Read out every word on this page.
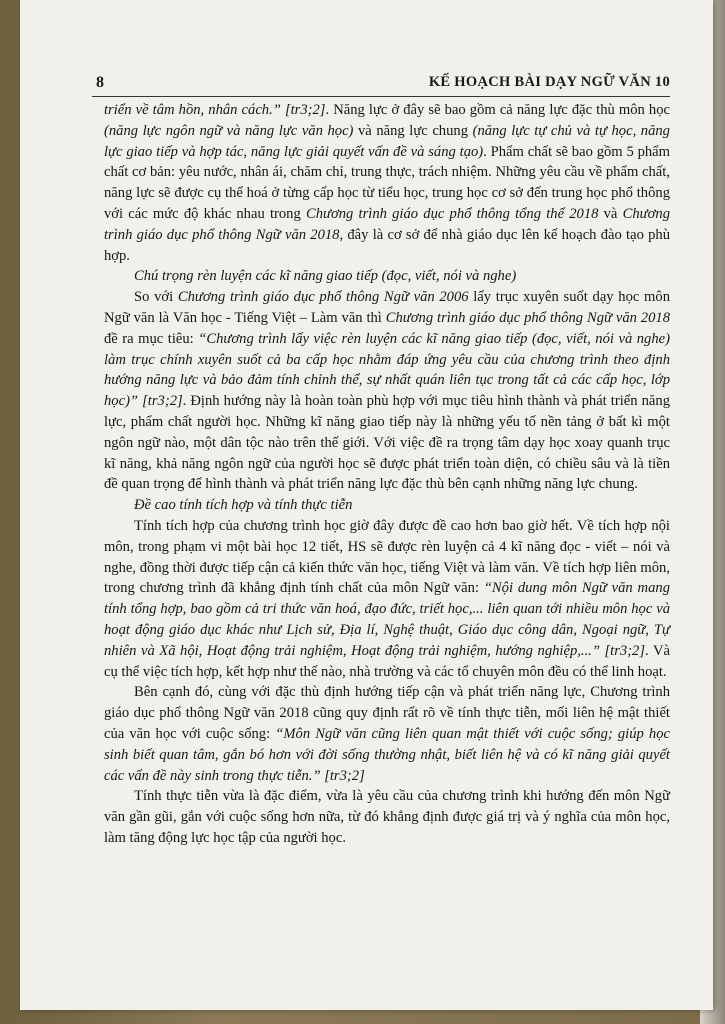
8	KẾ HOẠCH BÀI DẠY NGỮ VĂN 10

triển về tâm hồn, nhân cách.” [tr3;2]. Năng lực ở đây sẽ bao gồm cả năng lực đặc thù môn học (năng lực ngôn ngữ và năng lực văn học) và năng lực chung (năng lực tự chủ và tự học, năng lực giao tiếp và hợp tác, năng lực giải quyết vấn đề và sáng tạo). Phẩm chất sẽ bao gồm 5 phẩm chất cơ bản: yêu nước, nhân ái, chăm chỉ, trung thực, trách nhiệm. Những yêu cầu về phẩm chất, năng lực sẽ được cụ thể hoá ở từng cấp học từ tiểu học, trung học cơ sở đến trung học phổ thông với các mức độ khác nhau trong Chương trình giáo dục phổ thông tổng thể 2018 và Chương trình giáo dục phổ thông Ngữ văn 2018, đây là cơ sở để nhà giáo dục lên kế hoạch đào tạo phù hợp.

Chú trọng rèn luyện các kĩ năng giao tiếp (đọc, viết, nói và nghe)

So với Chương trình giáo dục phổ thông Ngữ văn 2006 lấy trục xuyên suốt dạy học môn Ngữ văn là Văn học - Tiếng Việt – Làm văn thì Chương trình giáo dục phổ thông Ngữ văn 2018 đề ra mục tiêu: “Chương trình lấy việc rèn luyện các kĩ năng giao tiếp (đọc, viết, nói và nghe) làm trục chính xuyên suốt cả ba cấp học nhằm đáp ứng yêu cầu của chương trình theo định hướng năng lực và bảo đảm tính chỉnh thể, sự nhất quán liên tục trong tất cả các cấp học, lớp học)” [tr3;2]. Định hướng này là hoàn toàn phù hợp với mục tiêu hình thành và phát triển năng lực, phẩm chất người học. Những kĩ năng giao tiếp này là những yếu tố nền tảng ở bất kì một ngôn ngữ nào, một dân tộc nào trên thế giới. Với việc đề ra trọng tâm dạy học xoay quanh trục kĩ năng, khả năng ngôn ngữ của người học sẽ được phát triển toàn diện, có chiều sâu và là tiền đề quan trọng để hình thành và phát triển năng lực đặc thù bên cạnh những năng lực chung.

Đề cao tính tích hợp và tính thực tiễn

Tính tích hợp của chương trình học giờ đây được đề cao hơn bao giờ hết. Về tích hợp nội môn, trong phạm vi một bài học 12 tiết, HS sẽ được rèn luyện cả 4 kĩ năng đọc - viết – nói và nghe, đồng thời được tiếp cận cả kiến thức văn học, tiếng Việt và làm văn. Về tích hợp liên môn, trong chương trình đã khẳng định tính chất của môn Ngữ văn: “Nội dung môn Ngữ văn mang tính tổng hợp, bao gồm cả tri thức văn hoá, đạo đức, triết học,... liên quan tới nhiều môn học và hoạt động giáo dục khác như Lịch sử, Địa lí, Nghệ thuật, Giáo dục công dân, Ngoại ngữ, Tự nhiên và Xã hội, Hoạt động trải nghiệm, Hoạt động trải nghiệm, hướng nghiệp,...” [tr3;2]. Và cụ thể việc tích hợp, kết hợp như thế nào, nhà trường và các tổ chuyên môn đều có thể linh hoạt.

Bên cạnh đó, cùng với đặc thù định hướng tiếp cận và phát triển năng lực, Chương trình giáo dục phổ thông Ngữ văn 2018 cũng quy định rất rõ về tính thực tiễn, mối liên hệ mật thiết của văn học với cuộc sống: “Môn Ngữ văn cũng liên quan mật thiết với cuộc sống; giúp học sinh biết quan tâm, gắn bó hơn với đời sống thường nhật, biết liên hệ và có kĩ năng giải quyết các vấn đề này sinh trong thực tiễn.” [tr3;2]

Tính thực tiễn vừa là đặc điểm, vừa là yêu cầu của chương trình khi hướng đến môn Ngữ văn gần gũi, gắn với cuộc sống hơn nữa, từ đó khẳng định được giá trị và ý nghĩa của môn học, làm tăng động lực học tập của người học.
